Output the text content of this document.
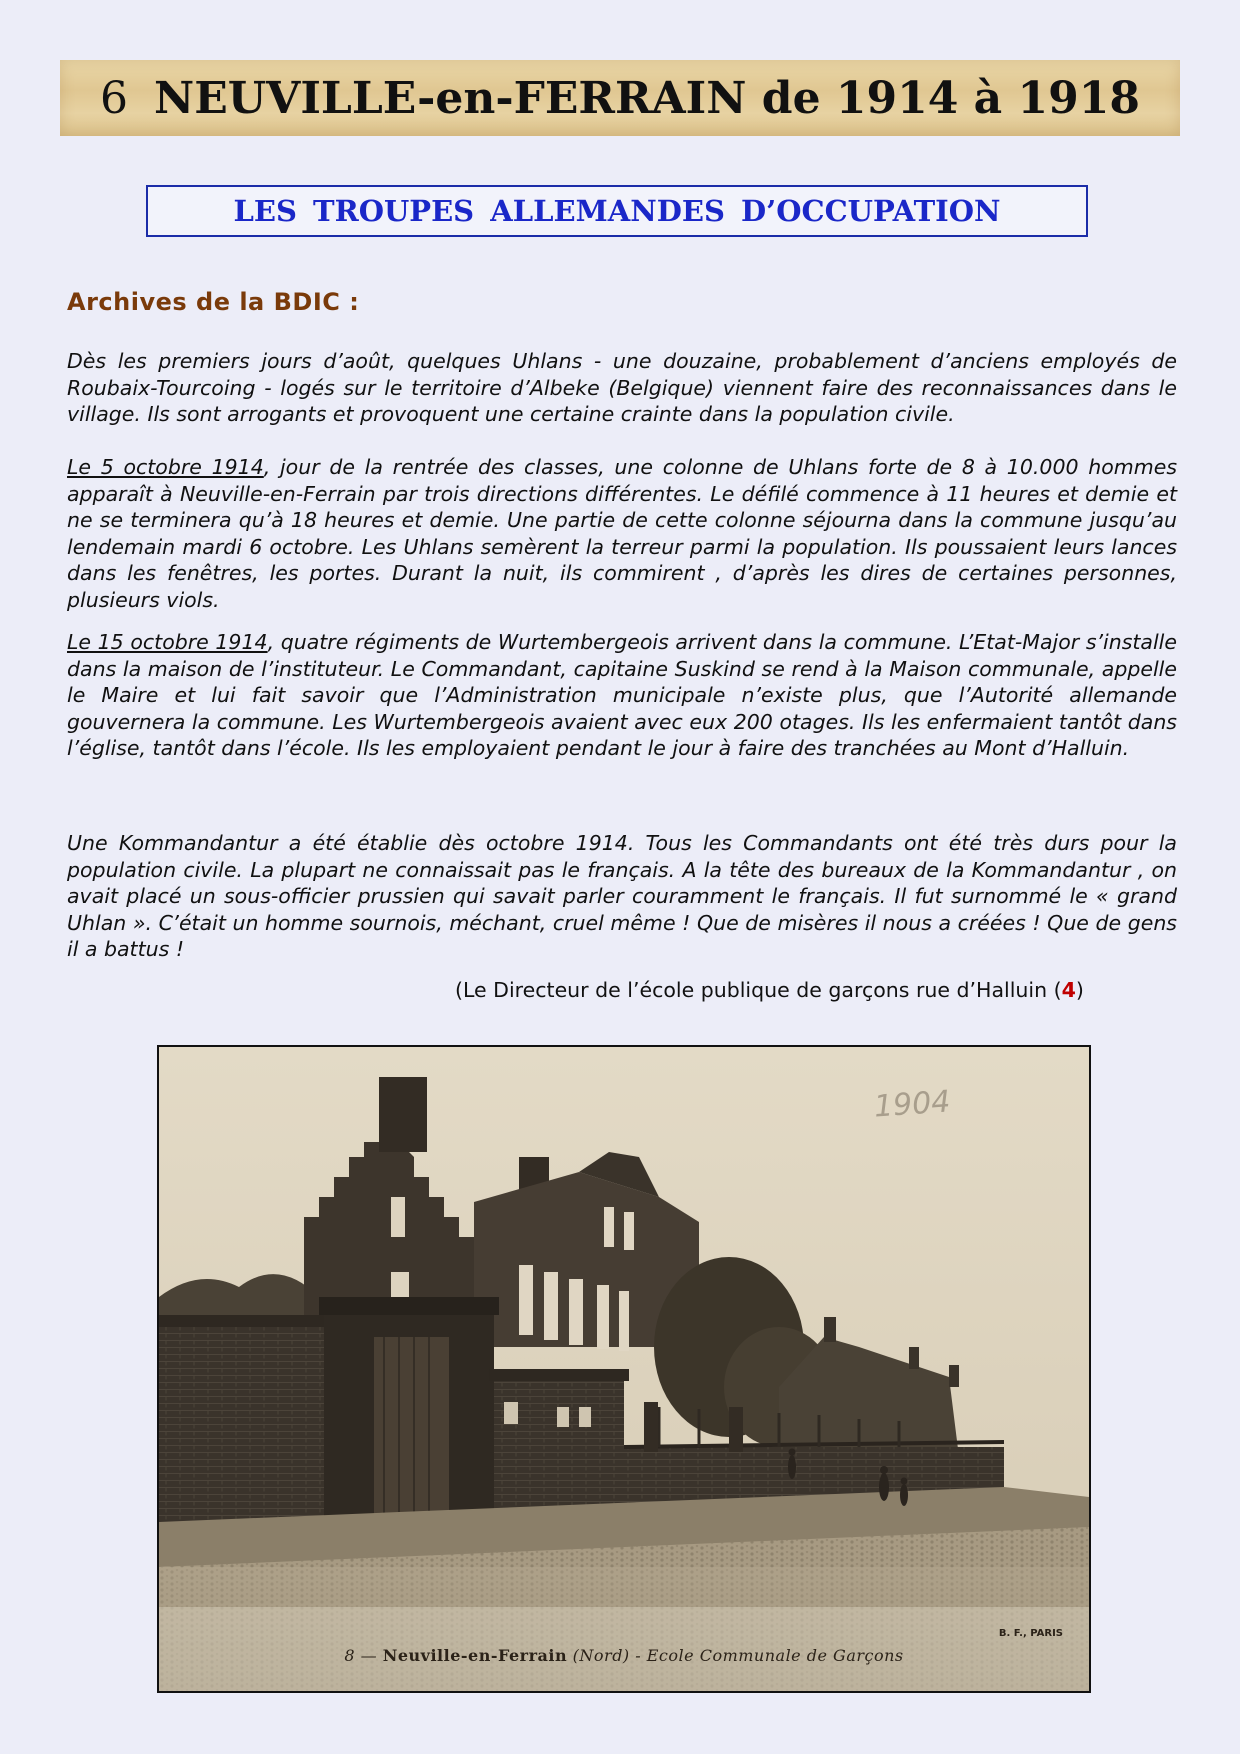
6 NEUVILLE-en-FERRAIN de 1914 à 1918
LES TROUPES ALLEMANDES D’OCCUPATION
Archives de la BDIC :
Dès les premiers jours d’août, quelques Uhlans - une douzaine, probablement d’anciens employés de Roubaix-Tourcoing - logés sur le territoire d’Albeke (Belgique) viennent faire des reconnaissances dans le village. Ils sont arrogants et provoquent une certaine crainte dans la population civile.
Le 5 octobre 1914, jour de la rentrée des classes, une colonne de Uhlans forte de 8 à 10.000 hommes apparaît à Neuville-en-Ferrain par trois directions différentes. Le défilé commence à 11 heures et demie et ne se terminera qu’à 18 heures et demie. Une partie de cette colonne séjourna dans la commune jusqu’au lendemain mardi 6 octobre. Les Uhlans semèrent la terreur parmi la population. Ils poussaient leurs lances dans les fenêtres, les portes. Durant la nuit, ils commirent , d’après les dires de certaines personnes, plusieurs viols.
Le 15 octobre 1914, quatre régiments de Wurtembergeois arrivent dans la commune. L’Etat-Major s’installe dans la maison de l’instituteur. Le Commandant, capitaine Suskind se rend à la Maison communale, appelle le Maire et lui fait savoir que l’Administration municipale n’existe plus, que l’Autorité allemande gouvernera la commune. Les Wurtembergeois avaient avec eux 200 otages. Ils les enfermaient tantôt dans l’église, tantôt dans l’école. Ils les employaient pendant le jour à faire des tranchées au Mont d’Halluin.
Une Kommandantur a été établie dès octobre 1914. Tous les Commandants ont été très durs pour la population civile. La plupart ne connaissait pas le français. A la tête des bureaux de la Kommandantur , on avait placé un sous-officier prussien qui savait parler couramment le français. Il fut surnommé le « grand Uhlan ». C’était un homme sournois, méchant, cruel même ! Que de misères il nous a créées ! Que de gens il a battus !
(Le Directeur de l’école publique de garçons rue d’Halluin (4)
1904
B. F., PARIS
8 — Neuville-en-Ferrain (Nord) - Ecole Communale de Garçons
